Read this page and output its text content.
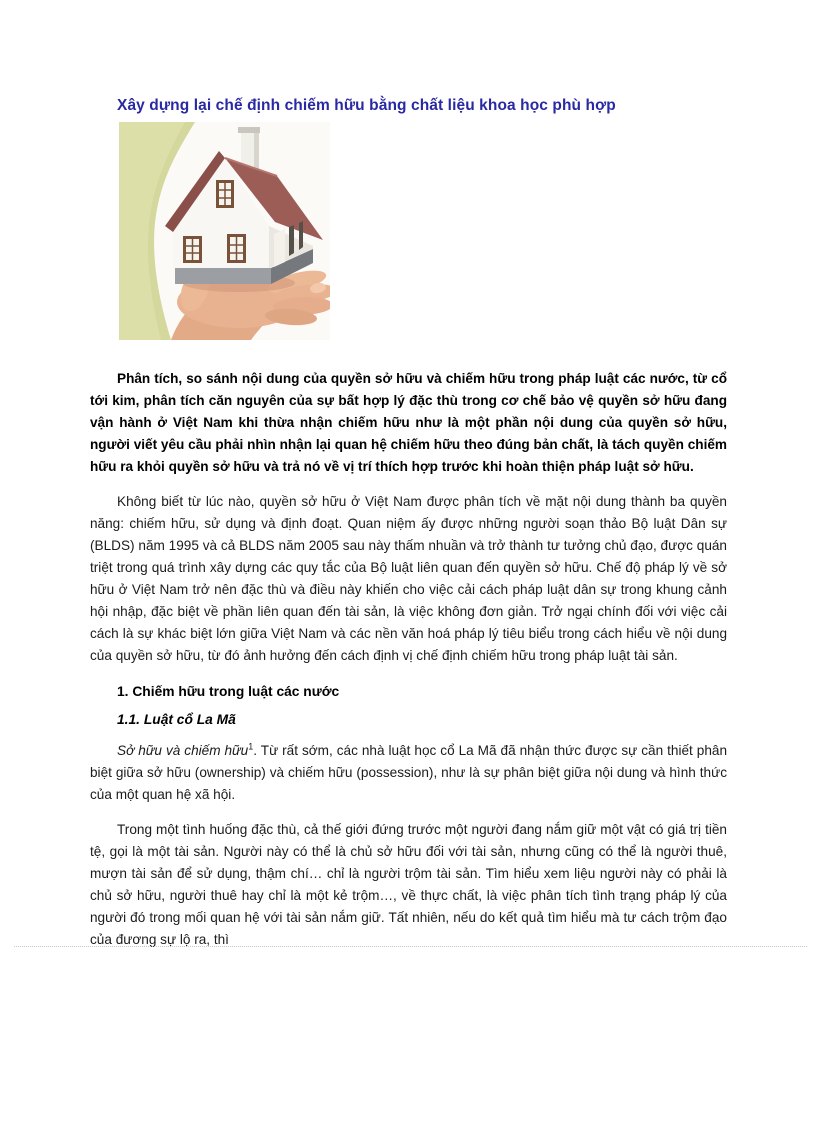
Xây dựng lại chế định chiếm hữu bằng chất liệu khoa học phù hợp

Phân tích, so sánh nội dung của quyền sở hữu và chiếm hữu trong pháp luật các nước, từ cổ tới kim, phân tích căn nguyên của sự bất hợp lý đặc thù trong cơ chế bảo vệ quyền sở hữu đang vận hành ở Việt Nam khi thừa nhận chiếm hữu như là một phần nội dung của quyền sở hữu, người viết yêu cầu phải nhìn nhận lại quan hệ chiếm hữu theo đúng bản chất, là tách quyền chiếm hữu ra khỏi quyền sở hữu và trả nó về vị trí thích hợp trước khi hoàn thiện pháp luật sở hữu.

Không biết từ lúc nào, quyền sở hữu ở Việt Nam được phân tích về mặt nội dung thành ba quyền năng: chiếm hữu, sử dụng và định đoạt. Quan niệm ấy được những người soạn thảo Bộ luật Dân sự (BLDS) năm 1995 và cả BLDS năm 2005 sau này thấm nhuần và trở thành tư tưởng chủ đạo, được quán triệt trong quá trình xây dựng các quy tắc của Bộ luật liên quan đến quyền sở hữu. Chế độ pháp lý về sở hữu ở Việt Nam trở nên đặc thù và điều này khiến cho việc cải cách pháp luật dân sự trong khung cảnh hội nhập, đặc biệt về phần liên quan đến tài sản, là việc không đơn giản. Trở ngại chính đối với việc cải cách là sự khác biệt lớn giữa Việt Nam và các nền văn hoá pháp lý tiêu biểu trong cách hiểu về nội dung của quyền sở hữu, từ đó ảnh hưởng đến cách định vị chế định chiếm hữu trong pháp luật tài sản.

1. Chiếm hữu trong luật các nước
1.1. Luật cổ La Mã

Sở hữu và chiếm hữu$^1$. Từ rất sớm, các nhà luật học cổ La Mã đã nhận thức được sự cần thiết phân biệt giữa sở hữu (ownership) và chiếm hữu (possession), như là sự phân biệt giữa nội dung và hình thức của một quan hệ xã hội.

Trong một tình huống đặc thù, cả thế giới đứng trước một người đang nắm giữ một vật có giá trị tiền tệ, gọi là một tài sản. Người này có thể là chủ sở hữu đối với tài sản, nhưng cũng có thể là người thuê, mượn tài sản để sử dụng, thậm chí… chỉ là người trộm tài sản. Tìm hiểu xem liệu người này có phải là chủ sở hữu, người thuê hay chỉ là một kẻ trộm…, về thực chất, là việc phân tích tình trạng pháp lý của người đó trong mối quan hệ với tài sản nắm giữ. Tất nhiên, nếu do kết quả tìm hiểu mà tư cách trộm đạo của đương sự lộ ra, thì
